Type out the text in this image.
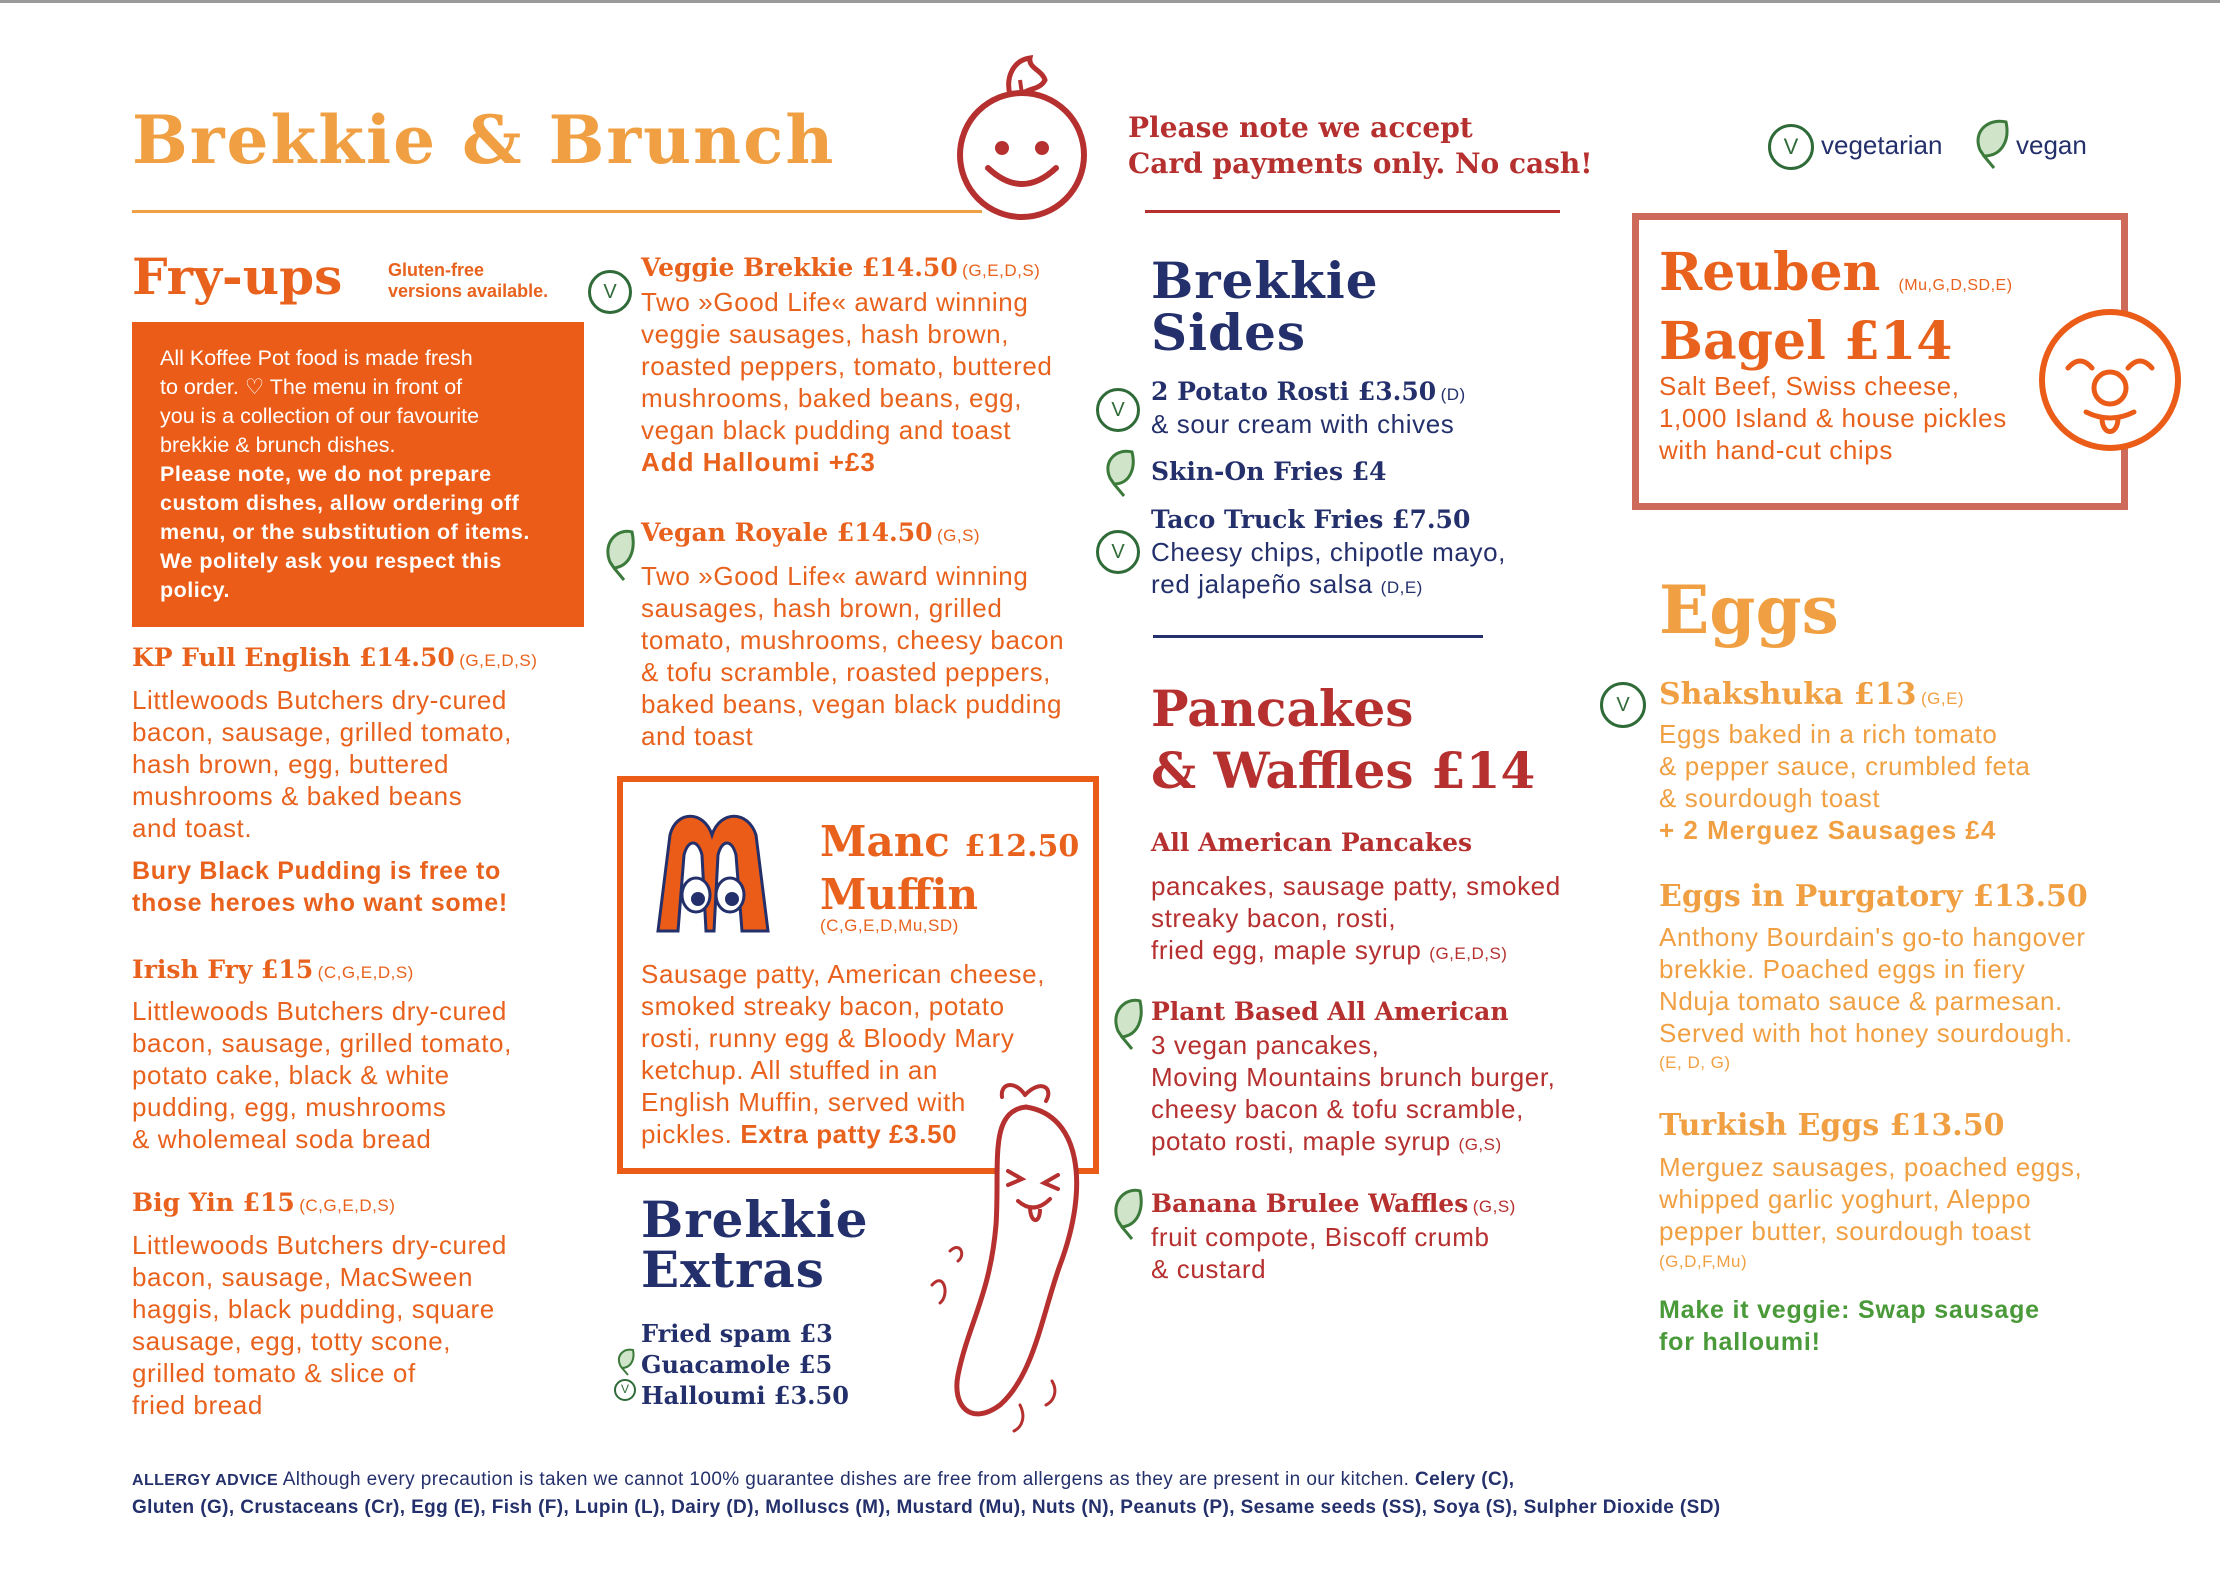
Brekkie & Brunch	Please note we accept
Card payments only. No cash!
V vegetarian	vegan
Fry-ups	Gluten-free
versions available.
All Koffee Pot food is made fresh
to order. ♡ The menu in front of
you is a collection of our favourite
brekkie & brunch dishes.
Please note, we do not prepare
custom dishes, allow ordering off
menu, or the substitution of items.
We politely ask you respect this
policy.
KP Full English £14.50 (G,E,D,S)
Littlewoods Butchers dry-cured
bacon, sausage, grilled tomato,
hash brown, egg, buttered
mushrooms & baked beans
and toast.
Bury Black Pudding is free to
those heroes who want some!
Irish Fry £15 (C,G,E,D,S)
Littlewoods Butchers dry-cured
bacon, sausage, grilled tomato,
potato cake, black & white
pudding, egg, mushrooms
& wholemeal soda bread
Big Yin £15 (C,G,E,D,S)
Littlewoods Butchers dry-cured
bacon, sausage, MacSween
haggis, black pudding, square
sausage, egg, totty scone,
grilled tomato & slice of
fried bread
V
Veggie Brekkie £14.50 (G,E,D,S)
Two »Good Life« award winning
veggie sausages, hash brown,
roasted peppers, tomato, buttered
mushrooms, baked beans, egg,
vegan black pudding and toast
Add Halloumi +£3
Vegan Royale £14.50 (G,S)
Two »Good Life« award winning
sausages, hash brown, grilled
tomato, mushrooms, cheesy bacon
& tofu scramble, roasted peppers,
baked beans, vegan black pudding
and toast
Manc £12.50
Muffin
(C,G,E,D,Mu,SD)
Sausage patty, American cheese,
smoked streaky bacon, potato
rosti, runny egg & Bloody Mary
ketchup. All stuffed in an
English Muffin, served with
pickles. Extra patty £3.50
Brekkie
Extras
Fried spam £3
Guacamole £5
Halloumi £3.50
V
Brekkie
Sides
V
2 Potato Rosti £3.50 (D)
& sour cream with chives
Skin-On Fries £4
V
Taco Truck Fries £7.50
Cheesy chips, chipotle mayo,
red jalapeño salsa (D,E)
Pancakes
& Waffles £14
All American Pancakes
pancakes, sausage patty, smoked
streaky bacon, rosti,
fried egg, maple syrup (G,E,D,S)
Plant Based All American
3 vegan pancakes,
Moving Mountains brunch burger,
cheesy bacon & tofu scramble,
potato rosti, maple syrup (G,S)
Banana Brulee Waffles (G,S)
fruit compote, Biscoff crumb
& custard
Reuben (Mu,G,D,SD,E)
Bagel £14
Salt Beef, Swiss cheese,
1,000 Island & house pickles
with hand-cut chips
Eggs
V Shakshuka £13 (G,E)
Eggs baked in a rich tomato
& pepper sauce, crumbled feta
& sourdough toast
+ 2 Merguez Sausages £4
Eggs in Purgatory £13.50
Anthony Bourdain's go-to hangover
brekkie. Poached eggs in fiery
Nduja tomato sauce & parmesan.
Served with hot honey sourdough.
(E, D, G)
Turkish Eggs £13.50
Merguez sausages, poached eggs,
whipped garlic yoghurt, Aleppo
pepper butter, sourdough toast
(G,D,F,Mu)
Make it veggie: Swap sausage
for halloumi!
ALLERGY ADVICE Although every precaution is taken we cannot 100% guarantee dishes are free from allergens as they are present in our kitchen. Celery (C),
Gluten (G), Crustaceans (Cr), Egg (E), Fish (F), Lupin (L), Dairy (D), Molluscs (M), Mustard (Mu), Nuts (N), Peanuts (P), Sesame seeds (SS), Soya (S), Sulpher Dioxide (SD)
